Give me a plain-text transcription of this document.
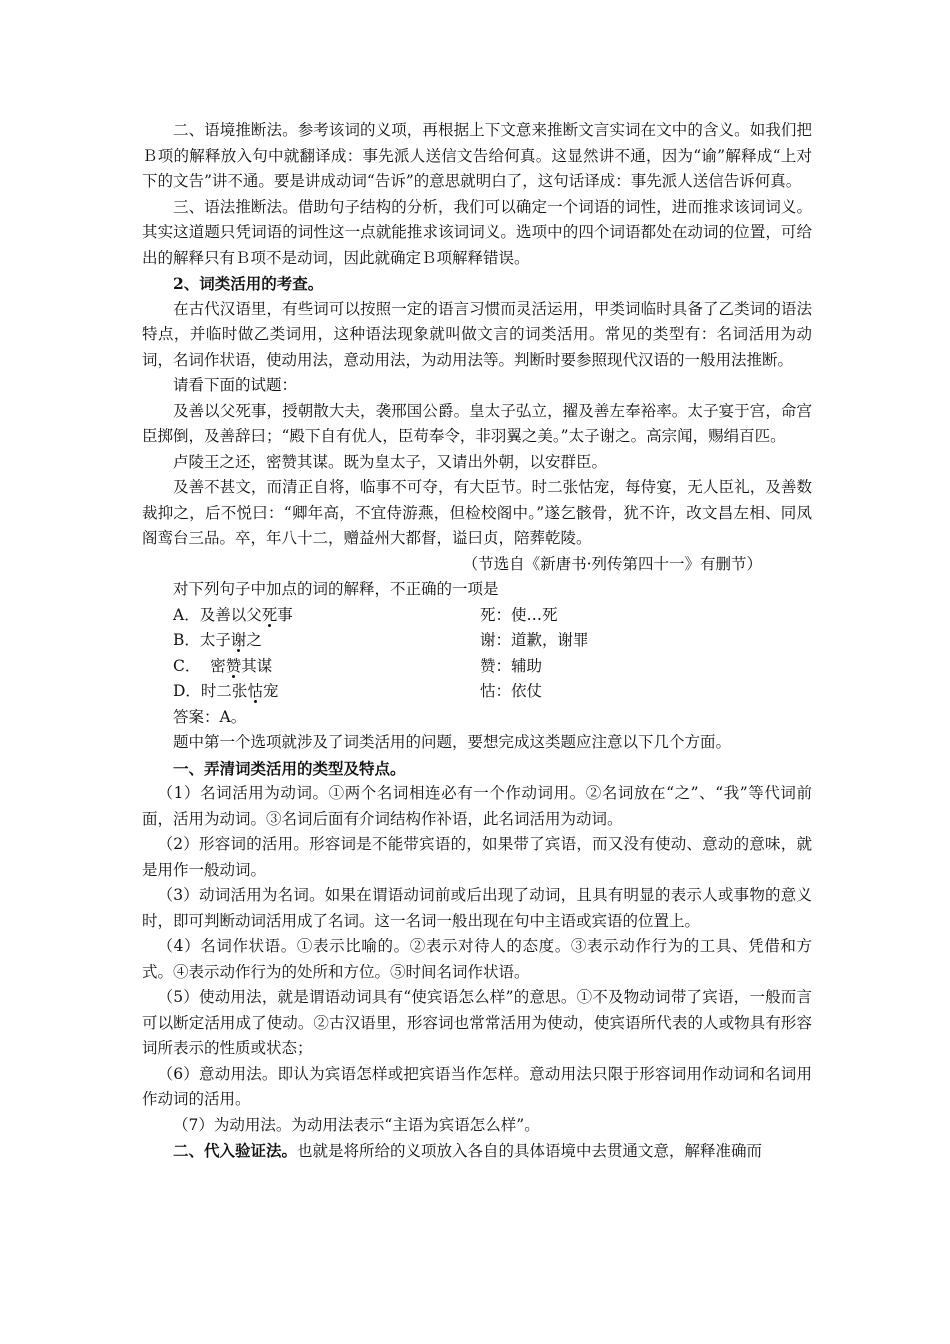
二、语境推断法。参考该词的义项，再根据上下文意来推断文言实词在文中的含义。如我们把Ｂ项的解释放入句中就翻译成：事先派人送信文告给何真。这显然讲不通，因为“谕”解释成“上对下的文告”讲不通。要是讲成动词“告诉”的意思就明白了，这句话译成：事先派人送信告诉何真。

三、语法推断法。借助句子结构的分析，我们可以确定一个词语的词性，进而推求该词词义。其实这道题只凭词语的词性这一点就能推求该词词义。选项中的四个词语都处在动词的位置，可给出的解释只有Ｂ项不是动词，因此就确定Ｂ项解释错误。

2、词类活用的考查。

在古代汉语里，有些词可以按照一定的语言习惯而灵活运用，甲类词临时具备了乙类词的语法特点，并临时做乙类词用，这种语法现象就叫做文言的词类活用。常见的类型有：名词活用为动词，名词作状语，使动用法，意动用法，为动用法等。判断时要参照现代汉语的一般用法推断。

请看下面的试题：

及善以父死事，授朝散大夫，袭邢国公爵。皇太子弘立，擢及善左奉裕率。太子宴于宫，命宫臣掷倒，及善辞曰；“殿下自有优人，臣苟奉令，非羽翼之美。”太子谢之。高宗闻，赐绢百匹。

卢陵王之还，密赞其谋。既为皇太子，又请出外朝，以安群臣。

及善不甚文，而清正自将，临事不可夺，有大臣节。时二张怙宠，每侍宴，无人臣礼，及善数裁抑之，后不悦曰：“卿年高，不宜侍游燕，但检校阁中。”遂乞骸骨，犹不许，改文昌左相、同凤阁鸾台三品。卒，年八十二，赠益州大都督，谥曰贞，陪葬乾陵。

（节选自《新唐书·列传第四十一》有删节）

对下列句子中加点的词的解释，不正确的一项是

A．及善以父死事	死：使…死
B．太子谢之	谢：道歉，谢罪
C．  密赞其谋	赞：辅助
D．时二张怙宠	怙：依仗

答案：A。

题中第一个选项就涉及了词类活用的问题，要想完成这类题应注意以下几个方面。

一、弄清词类活用的类型及特点。

（1）名词活用为动词。①两个名词相连必有一个作动词用。②名词放在“之”、“我”等代词前面，活用为动词。③名词后面有介词结构作补语，此名词活用为动词。

（2）形容词的活用。形容词是不能带宾语的，如果带了宾语，而又没有使动、意动的意味，就是用作一般动词。

（3）动词活用为名词。如果在谓语动词前或后出现了动词，且具有明显的表示人或事物的意义时，即可判断动词活用成了名词。这一名词一般出现在句中主语或宾语的位置上。

（4）名词作状语。①表示比喻的。②表示对待人的态度。③表示动作行为的工具、凭借和方式。④表示动作行为的处所和方位。⑤时间名词作状语。

（5）使动用法，就是谓语动词具有“使宾语怎么样”的意思。①不及物动词带了宾语，一般而言可以断定活用成了使动。②古汉语里，形容词也常常活用为使动，使宾语所代表的人或物具有形容词所表示的性质或状态；

（6）意动用法。即认为宾语怎样或把宾语当作怎样。意动用法只限于形容词用作动词和名词用作动词的活用。

（7）为动用法。为动用法表示“主语为宾语怎么样”。

二、代入验证法。也就是将所给的义项放入各自的具体语境中去贯通文意，解释准确而
